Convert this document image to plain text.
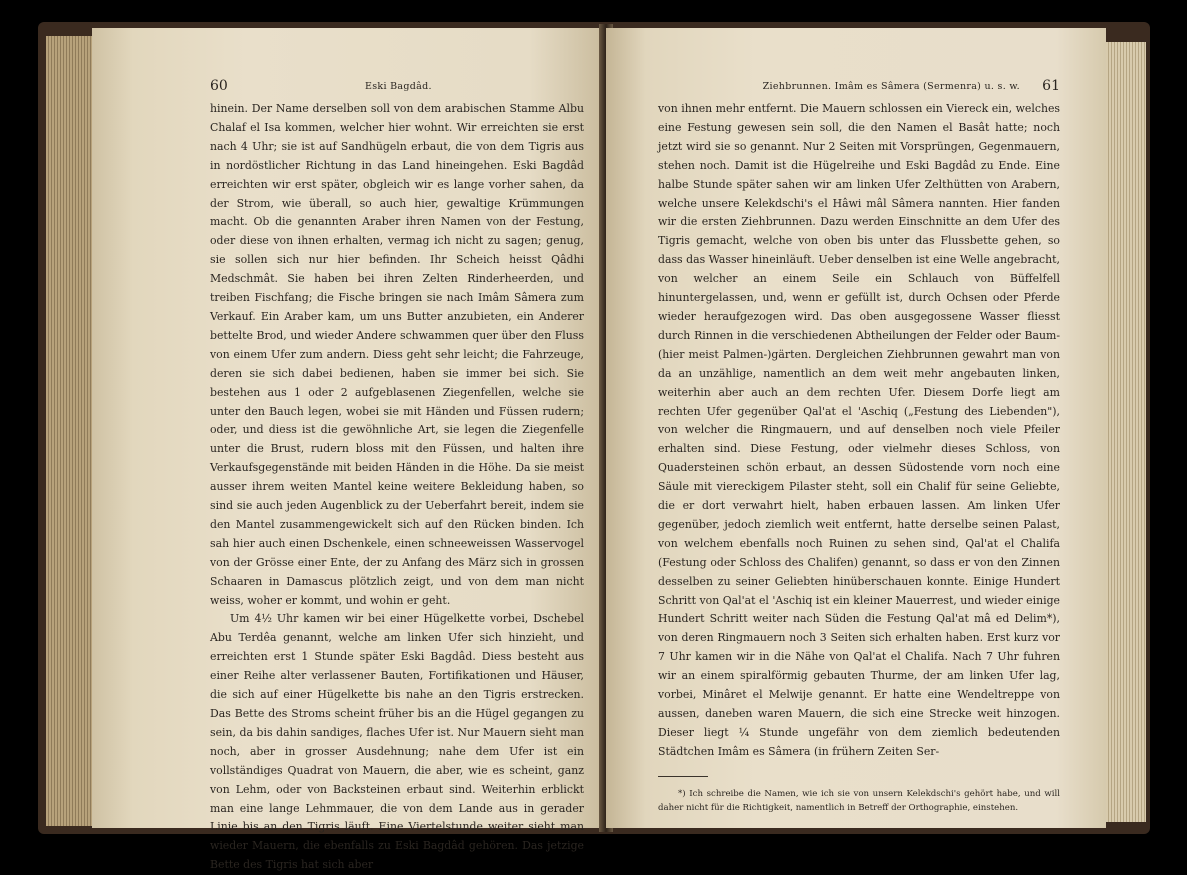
60	Eski Bagdâd.

hinein. Der Name derselben soll von dem arabischen Stamme Albu Chalaf el Isa kommen, welcher hier wohnt. Wir erreichten sie erst nach 4 Uhr; sie ist auf Sandhügeln erbaut, die von dem Tigris aus in nordöstlicher Richtung in das Land hineingehen. Eski Bagdâd erreichten wir erst später, obgleich wir es lange vorher sahen, da der Strom, wie überall, so auch hier, gewaltige Krümmungen macht. Ob die genannten Araber ihren Namen von der Festung, oder diese von ihnen erhalten, vermag ich nicht zu sagen; genug, sie sollen sich nur hier befinden. Ihr Scheich heisst Qâdhi Medschmât. Sie haben bei ihren Zelten Rinderheerden, und treiben Fischfang; die Fische bringen sie nach Imâm Sâmera zum Verkauf. Ein Araber kam, um uns Butter anzubieten, ein Anderer bettelte Brod, und wieder Andere schwammen quer über den Fluss von einem Ufer zum andern. Diess geht sehr leicht; die Fahrzeuge, deren sie sich dabei bedienen, haben sie immer bei sich. Sie bestehen aus 1 oder 2 aufgeblasenen Ziegenfellen, welche sie unter den Bauch legen, wobei sie mit Händen und Füssen rudern; oder, und diess ist die gewöhnliche Art, sie legen die Ziegenfelle unter die Brust, rudern bloss mit den Füssen, und halten ihre Verkaufsgegenstände mit beiden Händen in die Höhe. Da sie meist ausser ihrem weiten Mantel keine weitere Bekleidung haben, so sind sie auch jeden Augenblick zu der Ueberfahrt bereit, indem sie den Mantel zusammengewickelt sich auf den Rücken binden. Ich sah hier auch einen Dschenkele, einen schneeweissen Wasservogel von der Grösse einer Ente, der zu Anfang des März sich in grossen Schaaren in Damascus plötzlich zeigt, und von dem man nicht weiss, woher er kommt, und wohin er geht.

Um 4½ Uhr kamen wir bei einer Hügelkette vorbei, Dschebel Abu Terdêa genannt, welche am linken Ufer sich hinzieht, und erreichten erst 1 Stunde später Eski Bagdâd. Diess besteht aus einer Reihe alter verlassener Bauten, Fortifikationen und Häuser, die sich auf einer Hügelkette bis nahe an den Tigris erstrecken. Das Bette des Stroms scheint früher bis an die Hügel gegangen zu sein, da bis dahin sandiges, flaches Ufer ist. Nur Mauern sieht man noch, aber in grosser Ausdehnung; nahe dem Ufer ist ein vollständiges Quadrat von Mauern, die aber, wie es scheint, ganz von Lehm, oder von Backsteinen erbaut sind. Weiterhin erblickt man eine lange Lehmmauer, die von dem Lande aus in gerader Linie bis an den Tigris läuft. Eine Viertelstunde weiter sieht man wieder Mauern, die ebenfalls zu Eski Bagdâd gehören. Das jetzige Bette des Tigris hat sich aber

Ziehbrunnen. Imâm es Sâmera (Sermenra) u. s. w. 61

von ihnen mehr entfernt. Die Mauern schlossen ein Viereck ein, welches eine Festung gewesen sein soll, die den Namen el Basât hatte; noch jetzt wird sie so genannt. Nur 2 Seiten mit Vorsprüngen, Gegenmauern, stehen noch. Damit ist die Hügelreihe und Eski Bagdâd zu Ende. Eine halbe Stunde später sahen wir am linken Ufer Zelthütten von Arabern, welche unsere Kelekdschi's el Hâwi mâl Sâmera nannten. Hier fanden wir die ersten Ziehbrunnen. Dazu werden Einschnitte an dem Ufer des Tigris gemacht, welche von oben bis unter das Flussbette gehen, so dass das Wasser hineinläuft. Ueber denselben ist eine Welle angebracht, von welcher an einem Seile ein Schlauch von Büffelfell hinuntergelassen, und, wenn er gefüllt ist, durch Ochsen oder Pferde wieder heraufgezogen wird. Das oben ausgegossene Wasser fliesst durch Rinnen in die verschiedenen Abtheilungen der Felder oder Baum- (hier meist Palmen-)gärten. Dergleichen Ziehbrunnen gewahrt man von da an unzählige, namentlich an dem weit mehr angebauten linken, weiterhin aber auch an dem rechten Ufer. Diesem Dorfe liegt am rechten Ufer gegenüber Qal'at el 'Aschiq („Festung des Liebenden"), von welcher die Ringmauern, und auf denselben noch viele Pfeiler erhalten sind. Diese Festung, oder vielmehr dieses Schloss, von Quadersteinen schön erbaut, an dessen Südostende vorn noch eine Säule mit viereckigem Pilaster steht, soll ein Chalif für seine Geliebte, die er dort verwahrt hielt, haben erbauen lassen. Am linken Ufer gegenüber, jedoch ziemlich weit entfernt, hatte derselbe seinen Palast, von welchem ebenfalls noch Ruinen zu sehen sind, Qal'at el Chalifa (Festung oder Schloss des Chalifen) genannt, so dass er von den Zinnen desselben zu seiner Geliebten hinüberschauen konnte. Einige Hundert Schritt von Qal'at el 'Aschiq ist ein kleiner Mauerrest, und wieder einige Hundert Schritt weiter nach Süden die Festung Qal'at mâ ed Delim*), von deren Ringmauern noch 3 Seiten sich erhalten haben. Erst kurz vor 7 Uhr kamen wir in die Nähe von Qal'at el Chalifa. Nach 7 Uhr fuhren wir an einem spiralförmig gebauten Thurme, der am linken Ufer lag, vorbei, Minâret el Melwije genannt. Er hatte eine Wendeltreppe von aussen, daneben waren Mauern, die sich eine Strecke weit hinzogen. Dieser liegt ¼ Stunde ungefähr von dem ziemlich bedeutenden Städtchen Imâm es Sâmera (in frühern Zeiten Ser-

*) Ich schreibe die Namen, wie ich sie von unsern Kelekdschi's gehört habe, und will daher nicht für die Richtigkeit, namentlich in Betreff der Orthographie, einstehen.
